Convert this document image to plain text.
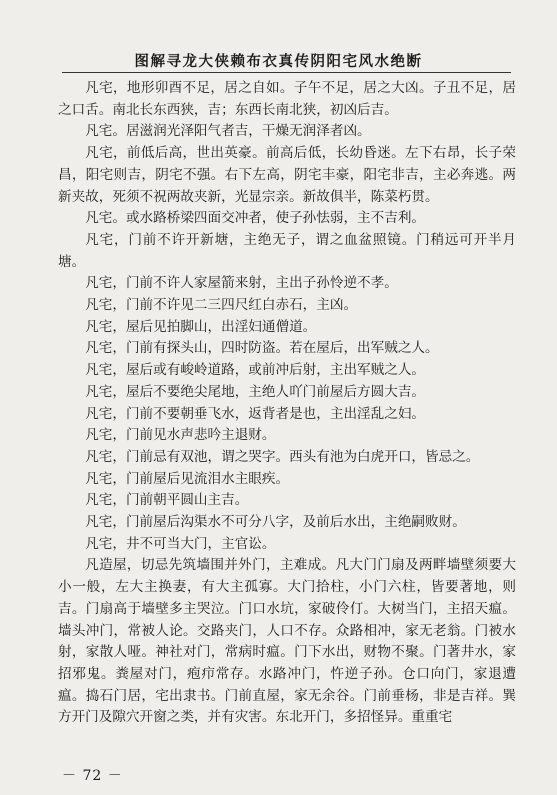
图解寻龙大侠赖布衣真传阴阳宅风水绝断

凡宅，地形卯酉不足，居之自如。子午不足，居之大凶。子丑不足，居之口舌。南北长东西狭，吉；东西长南北狭，初凶后吉。

凡宅。居滋润光泽阳气者吉，干燥无润泽者凶。

凡宅，前低后高，世出英豪。前高后低，长幼昏迷。左下右昂，长子荣昌，阳宅则吉，阴宅不强。右下左高，阴宅丰豪，阳宅非吉，主必奔逃。两新夹故，死须不祝两故夹新，光显宗亲。新故俱半，陈菜朽贯。

凡宅。或水路桥梁四面交冲者，使子孙怯弱，主不吉利。

凡宅，门前不许开新塘，主绝无子，谓之血盆照镜。门稍远可开半月塘。

凡宅，门前不许人家屋箭来射，主出子孙怜逆不孝。

凡宅，门前不许见二三四尺红白赤石，主凶。

凡宅，屋后见拍脚山，出淫妇通僧道。

凡宅，门前有探头山，四时防盗。若在屋后，出军贼之人。

凡宅，屋后或有峻岭道路，或前冲后射，主出军贼之人。

凡宅，屋后不要绝尖尾地，主绝人吖门前屋后方圆大吉。

凡宅，门前不要朝垂飞水，返背者是也，主出淫乱之妇。

凡宅，门前见水声悲吟主退财。

凡宅，门前忌有双池，谓之哭字。西头有池为白虎开口，皆忌之。

凡宅，门前屋后见流泪水主眼疾。

凡宅，门前朝平圆山主吉。

凡宅，门前屋后沟渠水不可分八字，及前后水出，主绝嗣败财。

凡宅，井不可当大门，主官讼。

凡造屋，切忌先筑墙围并外门，主难成。凡大门门扇及两畔墙壁须要大小一般，左大主换妻，有大主孤寡。大门拾柱，小门六柱，皆要著地，则吉。门扇高于墙壁多主哭泣。门口水坑，家破伶仃。大树当门，主招天瘟。墙头冲门，常被人论。交路夹门，人口不存。众路相冲，家无老翁。门被水射，家散人哑。神社对门，常病时瘟。门下水出，财物不聚。门著井水，家招邪鬼。粪屋对门，疱疖常存。水路冲门，忤逆子孙。仓口向门，家退遭瘟。捣石门居，宅出隶书。门前直屋，家无余谷。门前垂杨，非是吉祥。巽方开门及隙穴开窗之类，并有灾害。东北开门，多招怪异。重重宅

－ 72 －
